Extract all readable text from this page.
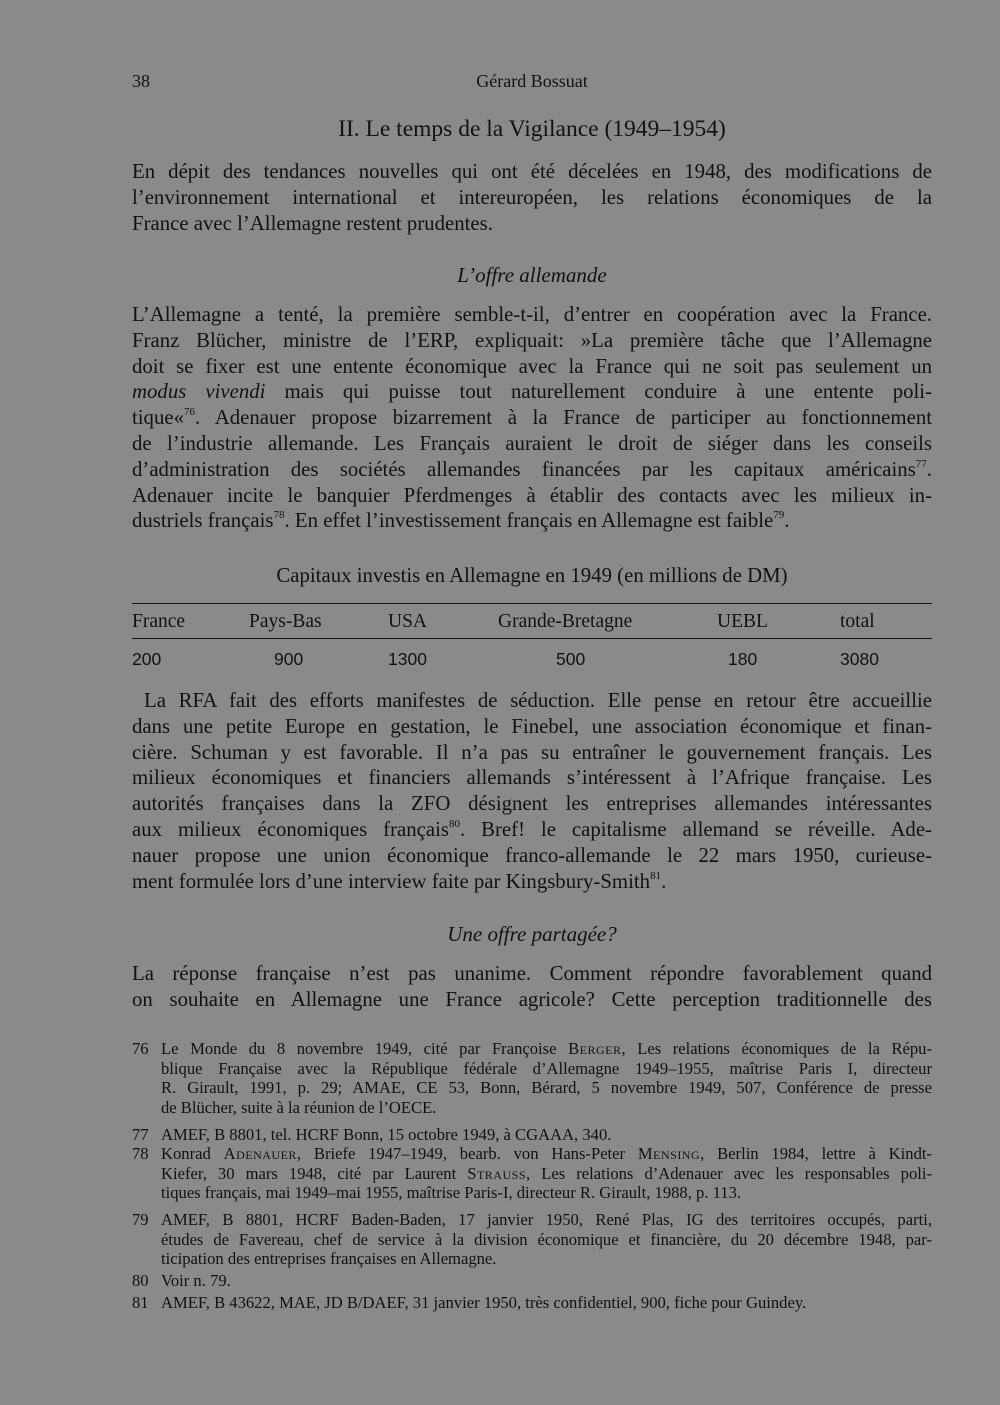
38	Gérard Bossuat
II. Le temps de la Vigilance (1949–1954)
En dépit des tendances nouvelles qui ont été décelées en 1948, des modifications de
l’environnement international et intereuropéen, les relations économiques de la
France avec l’Allemagne restent prudentes.
L’offre allemande
L’Allemagne a tenté, la première semble-t-il, d’entrer en coopération avec la France.
Franz Blücher, ministre de l’ERP, expliquait: »La première tâche que l’Allemagne
doit se fixer est une entente économique avec la France qui ne soit pas seulement un
modus vivendi mais qui puisse tout naturellement conduire à une entente poli-
tique«$^{76}$. Adenauer propose bizarrement à la France de participer au fonctionnement
de l’industrie allemande. Les Français auraient le droit de siéger dans les conseils
d’administration des sociétés allemandes financées par les capitaux américains$^{77}$.
Adenauer incite le banquier Pferdmenges à établir des contacts avec les milieux in-
dustriels français$^{78}$. En effet l’investissement français en Allemagne est faible$^{79}$.
Capitaux investis en Allemagne en 1949 (en millions de DM)
France	Pays-Bas	USA	Grande-Bretagne	UEBL	total
200	900	1300	500	180	3080
La RFA fait des efforts manifestes de séduction. Elle pense en retour être accueillie
dans une petite Europe en gestation, le Finebel, une association économique et finan-
cière. Schuman y est favorable. Il n’a pas su entraîner le gouvernement français. Les
milieux économiques et financiers allemands s’intéressent à l’Afrique française. Les
autorités françaises dans la ZFO désignent les entreprises allemandes intéressantes
aux milieux économiques français$^{80}$. Bref! le capitalisme allemand se réveille. Ade-
nauer propose une union économique franco-allemande le 22 mars 1950, curieuse-
ment formulée lors d’une interview faite par Kingsbury-Smith$^{81}$.
Une offre partagée?
La réponse française n’est pas unanime. Comment répondre favorablement quand
on souhaite en Allemagne une France agricole? Cette perception traditionnelle des
76 Le Monde du 8 novembre 1949, cité par Françoise Berger, Les relations économiques de la Répu-
blique Française avec la République fédérale d’Allemagne 1949–1955, maîtrise Paris I, directeur
R. Girault, 1991, p. 29; AMAE, CE 53, Bonn, Bérard, 5 novembre 1949, 507, Conférence de presse
de Blücher, suite à la réunion de l’OECE.
77 AMEF, B 8801, tel. HCRF Bonn, 15 octobre 1949, à CGAAA, 340.
78 Konrad Adenauer, Briefe 1947–1949, bearb. von Hans-Peter Mensing, Berlin 1984, lettre à Kindt-
Kiefer, 30 mars 1948, cité par Laurent Strauss, Les relations d’Adenauer avec les responsables poli-
tiques français, mai 1949–mai 1955, maîtrise Paris-I, directeur R. Girault, 1988, p. 113.
79 AMEF, B 8801, HCRF Baden-Baden, 17 janvier 1950, René Plas, IG des territoires occupés, parti,
études de Favereau, chef de service à la division économique et financière, du 20 décembre 1948, par-
ticipation des entreprises françaises en Allemagne.
80 Voir n. 79.
81 AMEF, B 43622, MAE, JD B/DAEF, 31 janvier 1950, très confidentiel, 900, fiche pour Guindey.
